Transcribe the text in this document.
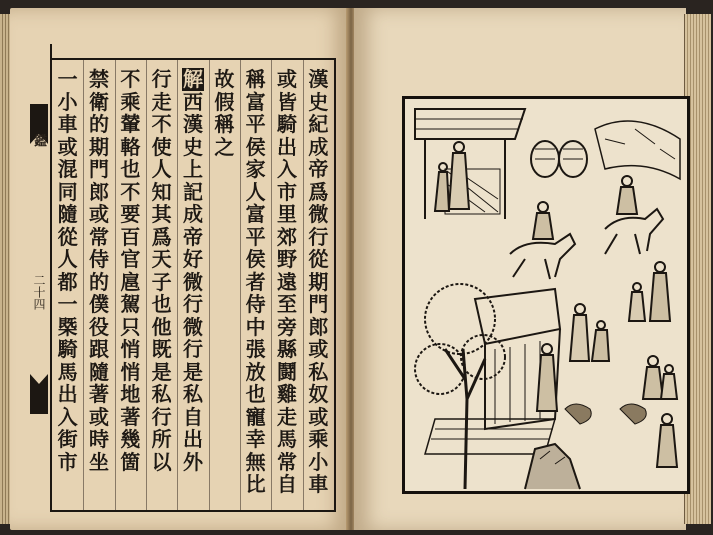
鑑
二十四
漢
史
紀
成
帝
爲
微
行
從
期
門
郎
或
私
奴
或
乘
小
車
或
皆
騎
出
入
市
里
郊
野
遠
至
旁
縣
鬪
雞
走
馬
常
自
稱
富
平
侯
家
人
富
平
侯
者
侍
中
張
放
也
寵
幸
無
比
故
假
稱
之
解
西
漢
史
上
記
成
帝
好
微
行
微
行
是
私
自
出
外
行
走
不
使
人
知
其
爲
天
子
也
他
既
是
私
行
所
以
不
乘
輦
輅
也
不
要
百
官
扈
駕
只
悄
悄
地
著
幾
箇
禁
衛
的
期
門
郎
或
常
侍
的
僕
役
跟
隨
著
或
時
坐
一
小
車
或
混
同
隨
從
人
都
一
槩
騎
馬
出
入
街
市
